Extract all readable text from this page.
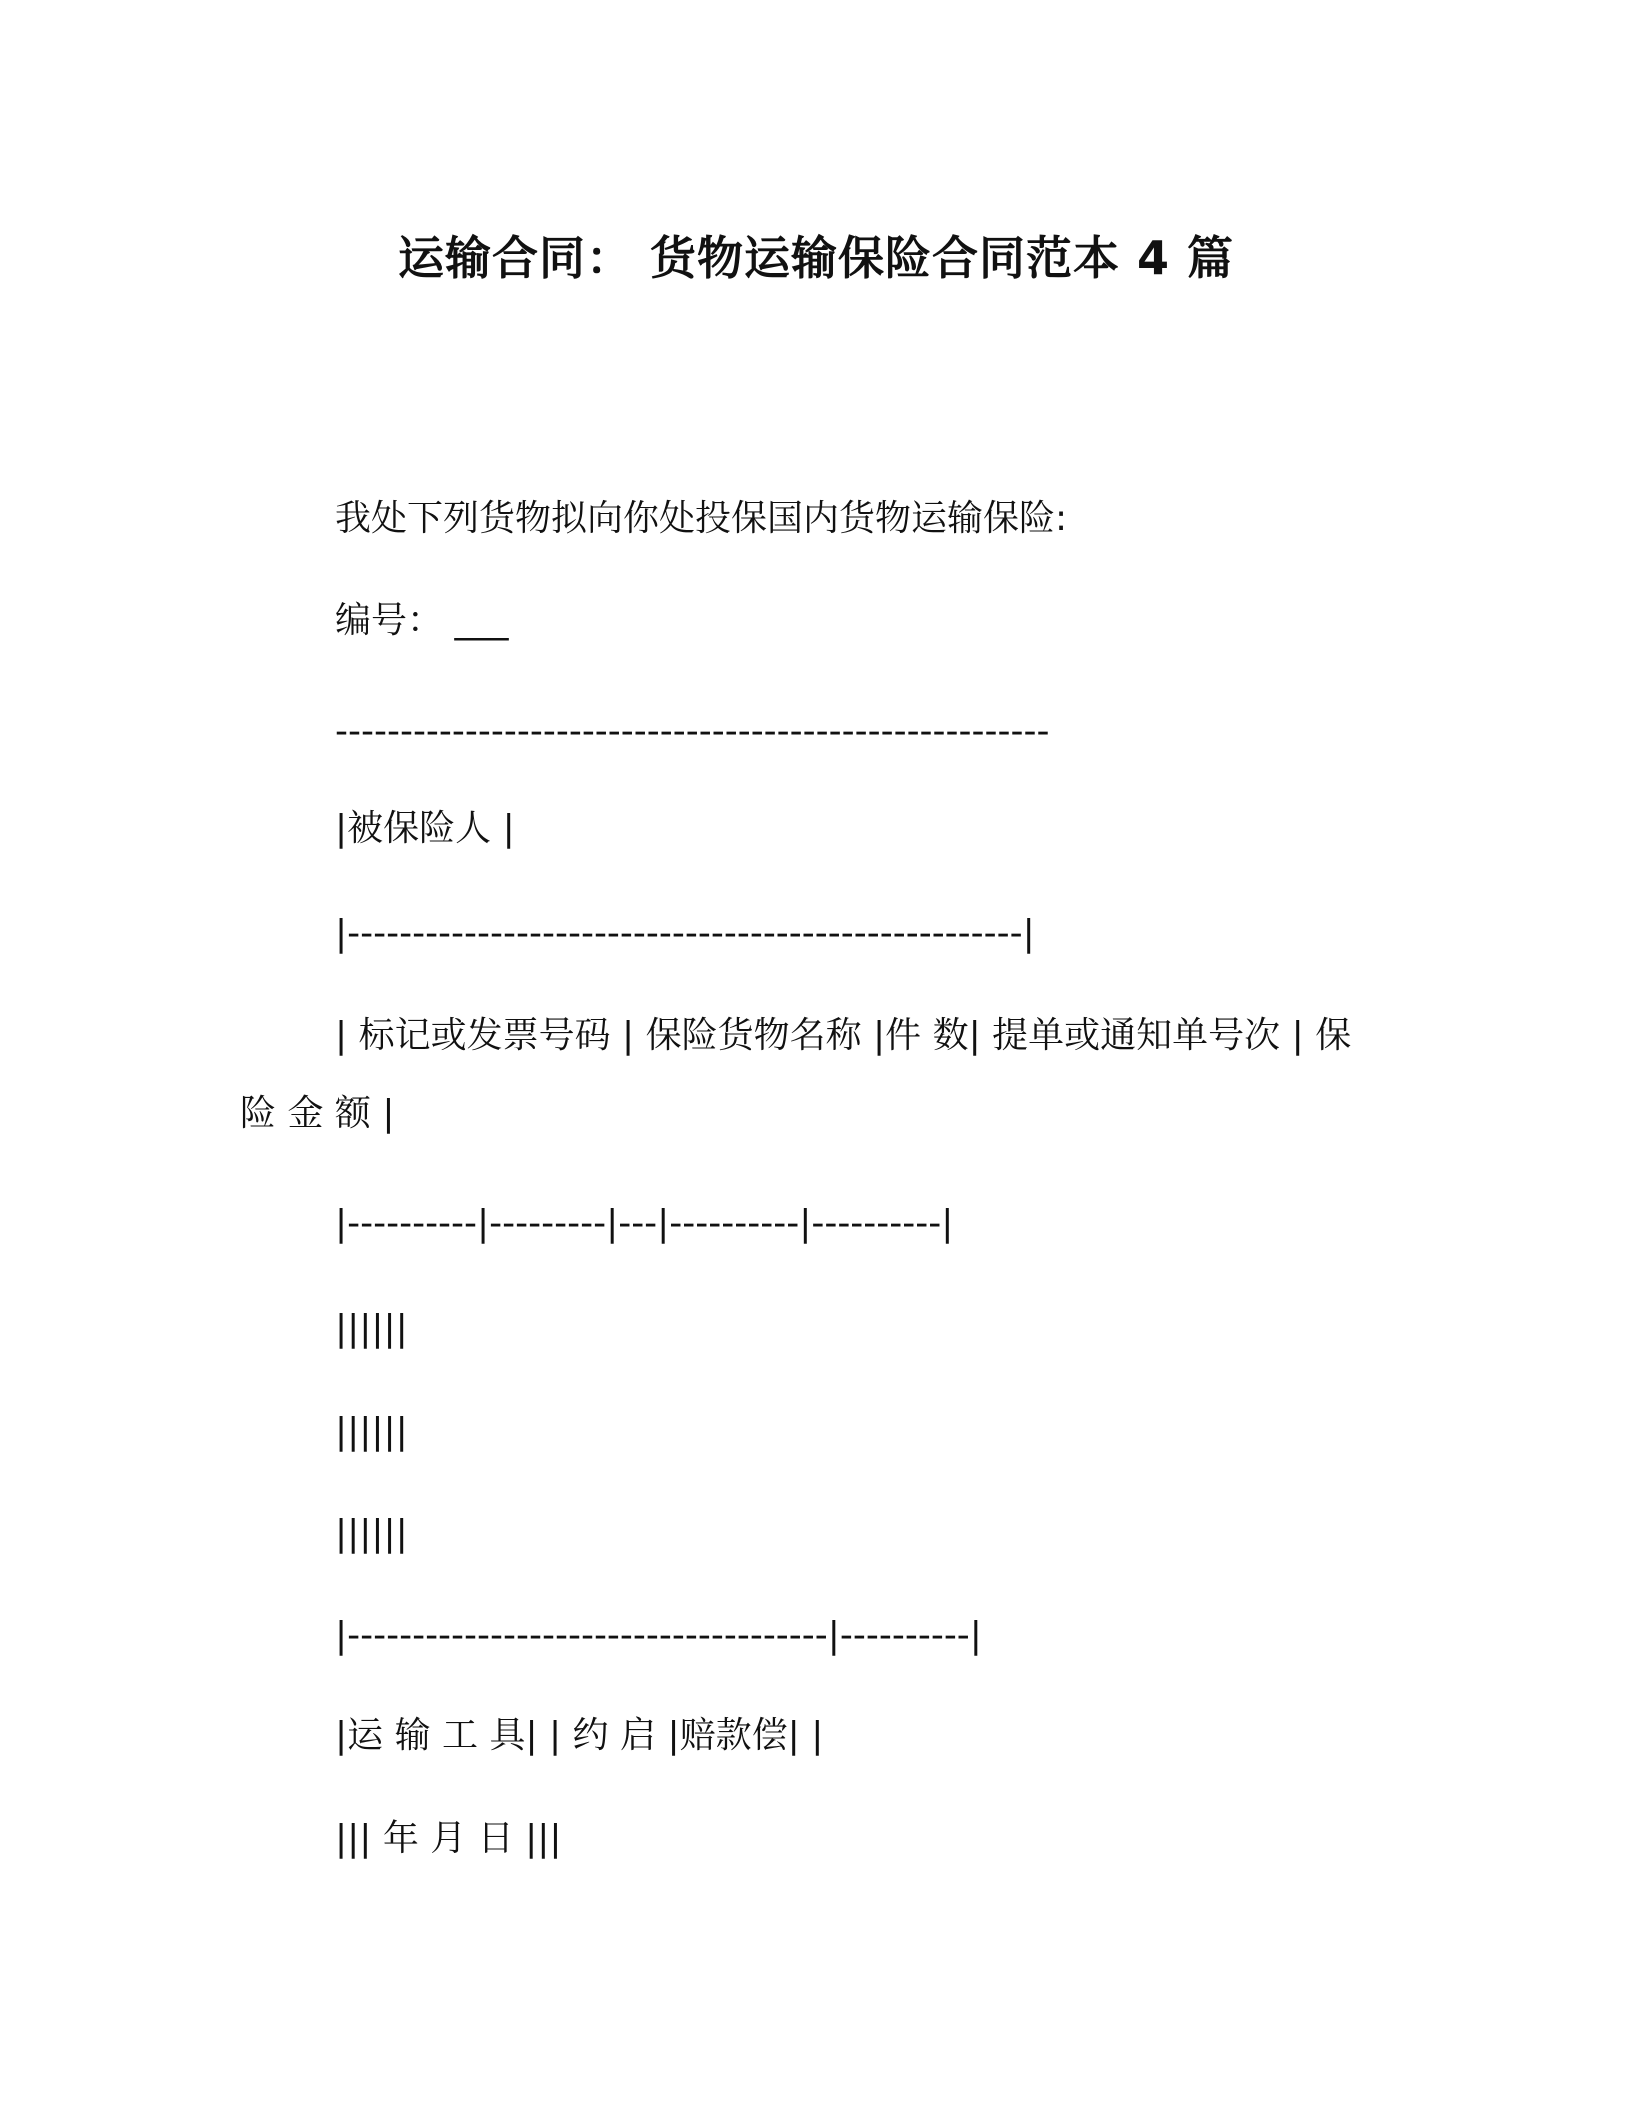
运输合同： 货物运输保险合同范本 4 篇
我处下列货物拟向你处投保国内货物运输保险:
编号： ___
-------------------------------------------------------
|被保险人 |
|----------------------------------------------------|
| 标记或发票号码 | 保险货物名称 |件 数| 提单或通知单号次 | 保
险 金 额 |
|----------|---------|---|----------|----------|
||||||
||||||
||||||
|-------------------------------------|----------|
|运 输 工 具| | 约 启 |赔款偿| |
||| 年 月 日 |||
